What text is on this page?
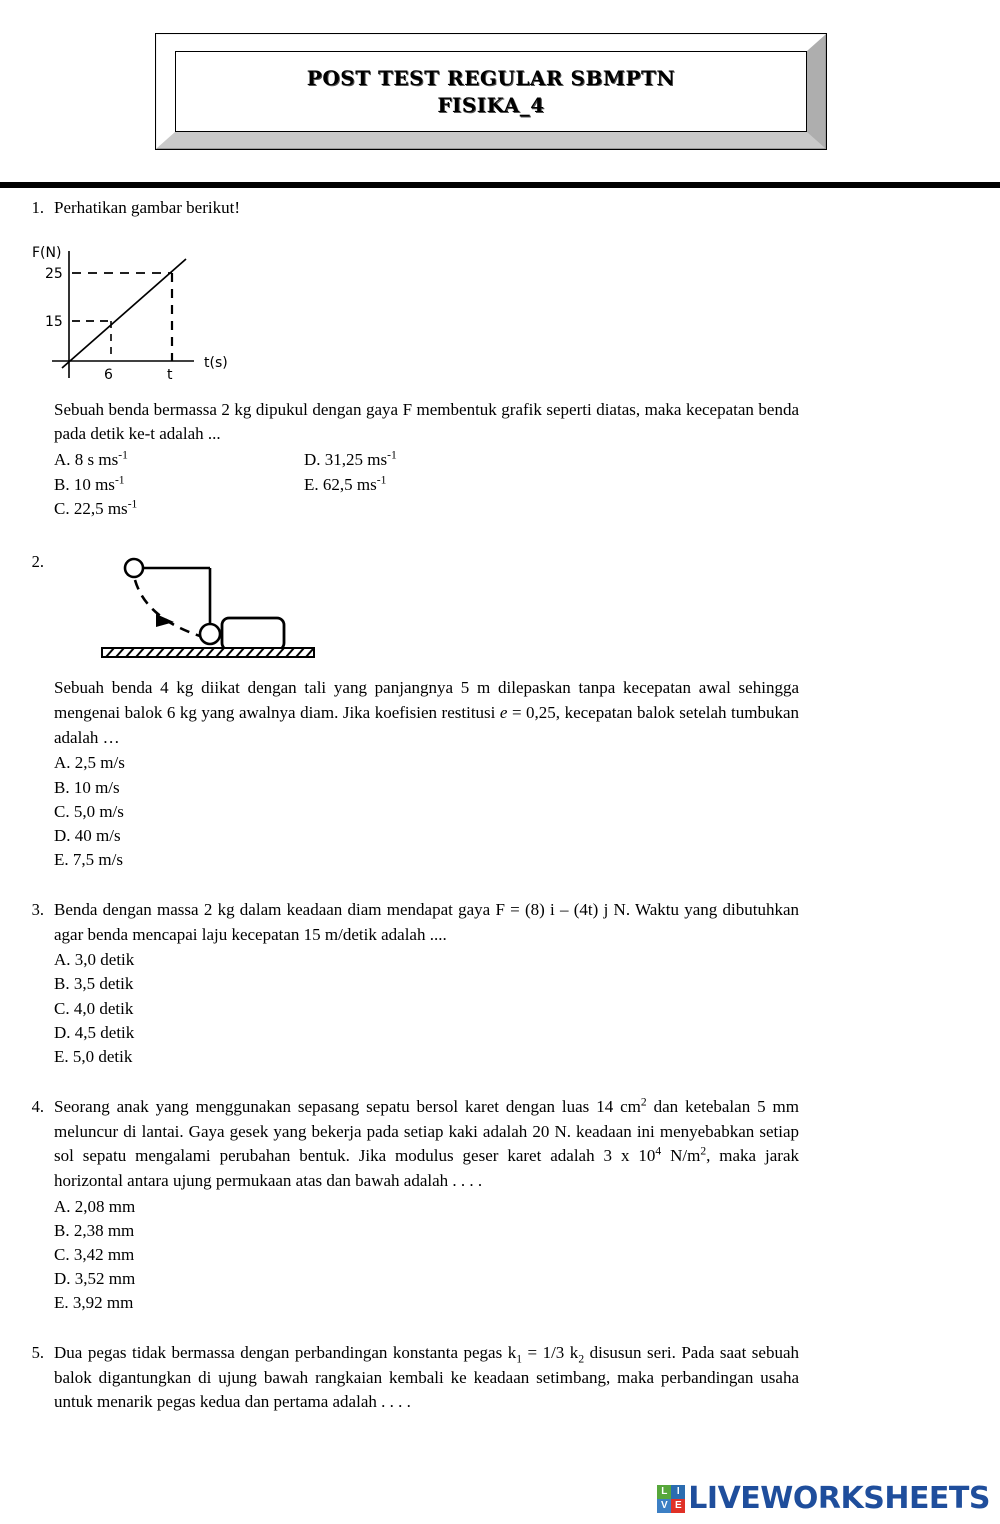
POST TEST REGULAR SBMPTN
FISIKA_4
1. Perhatikan gambar berikut!
F(N)
25
15
6	t
t(s)
Sebuah benda bermassa 2 kg dipukul dengan gaya F membentuk grafik seperti diatas, maka kecepatan benda pada detik ke-t adalah ...
A. 8 s $ms^{-1}$	D. 31,25 $ms^{-1}$
B. 10 $ms^{-1}$	E. 62,5 $ms^{-1}$
C. 22,5 $ms^{-1}$
2.
Sebuah benda 4 kg diikat dengan tali yang panjangnya 5 m dilepaskan tanpa kecepatan awal sehingga mengenai balok 6 kg yang awalnya diam. Jika koefisien restitusi e = 0,25, kecepatan balok setelah tumbukan adalah …
A. 2,5 m/s
B. 10 m/s
C. 5,0 m/s
D. 40 m/s
E. 7,5 m/s
3. Benda dengan massa 2 kg dalam keadaan diam mendapat gaya F = (8) i – (4t) j N. Waktu yang dibutuhkan agar benda mencapai laju kecepatan 15 m/detik adalah ....
A. 3,0 detik
B. 3,5 detik
C. 4,0 detik
D. 4,5 detik
E. 5,0 detik
4. Seorang anak yang menggunakan sepasang sepatu bersol karet dengan luas 14 $cm^2$ dan ketebalan 5 mm meluncur di lantai. Gaya gesek yang bekerja pada setiap kaki adalah 20 N. keadaan ini menyebabkan setiap sol sepatu mengalami perubahan bentuk. Jika modulus geser karet adalah 3 x $10^4$ $N/m^2$, maka jarak horizontal antara ujung permukaan atas dan bawah adalah . . . .
A. 2,08 mm
B. 2,38 mm
C. 3,42 mm
D. 3,52 mm
E. 3,92 mm
5. Dua pegas tidak bermassa dengan perbandingan konstanta pegas $k_1 = 1/3$ $k_2$ disusun seri. Pada saat sebuah balok digantungkan di ujung bawah rangkaian kembali ke keadaan setimbang, maka perbandingan usaha untuk menarik pegas kedua dan pertama adalah . . . .
L I
V E LIVEWORKSHEETS
